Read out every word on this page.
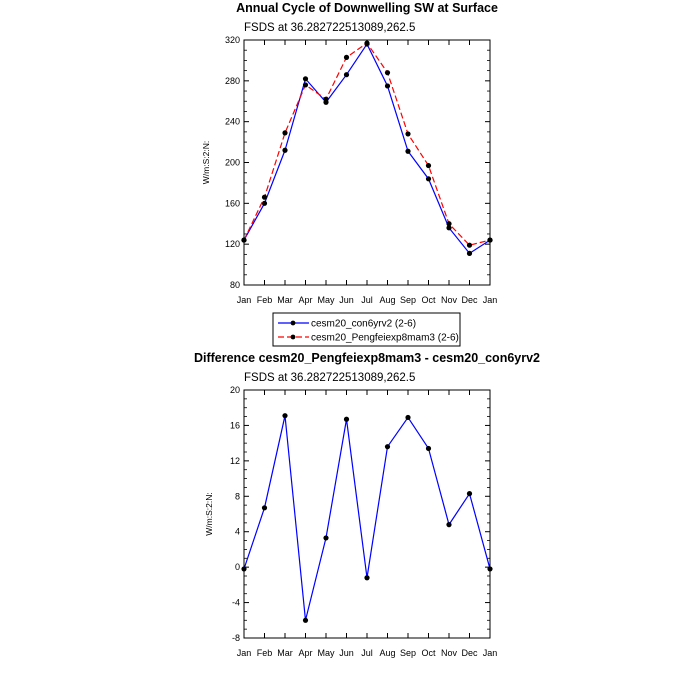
Annual Cycle of Downwelling SW at Surface
FSDS at 36.282722513089,262.5
80
120
160
200
240
280
320
Jan Feb Mar Apr May Jun Jul Aug Sep Oct Nov Dec Jan
W/m:S:2:N:
cesm20_con6yrv2 (2-6)
cesm20_Pengfeiexp8mam3 (2-6)
Difference cesm20_Pengfeiexp8mam3 - cesm20_con6yrv2
FSDS at 36.282722513089,262.5
-8
-4
0
4
8
12
16
20
Jan Feb Mar Apr May Jun Jul Aug Sep Oct Nov Dec Jan
W/m:S:2:N:
